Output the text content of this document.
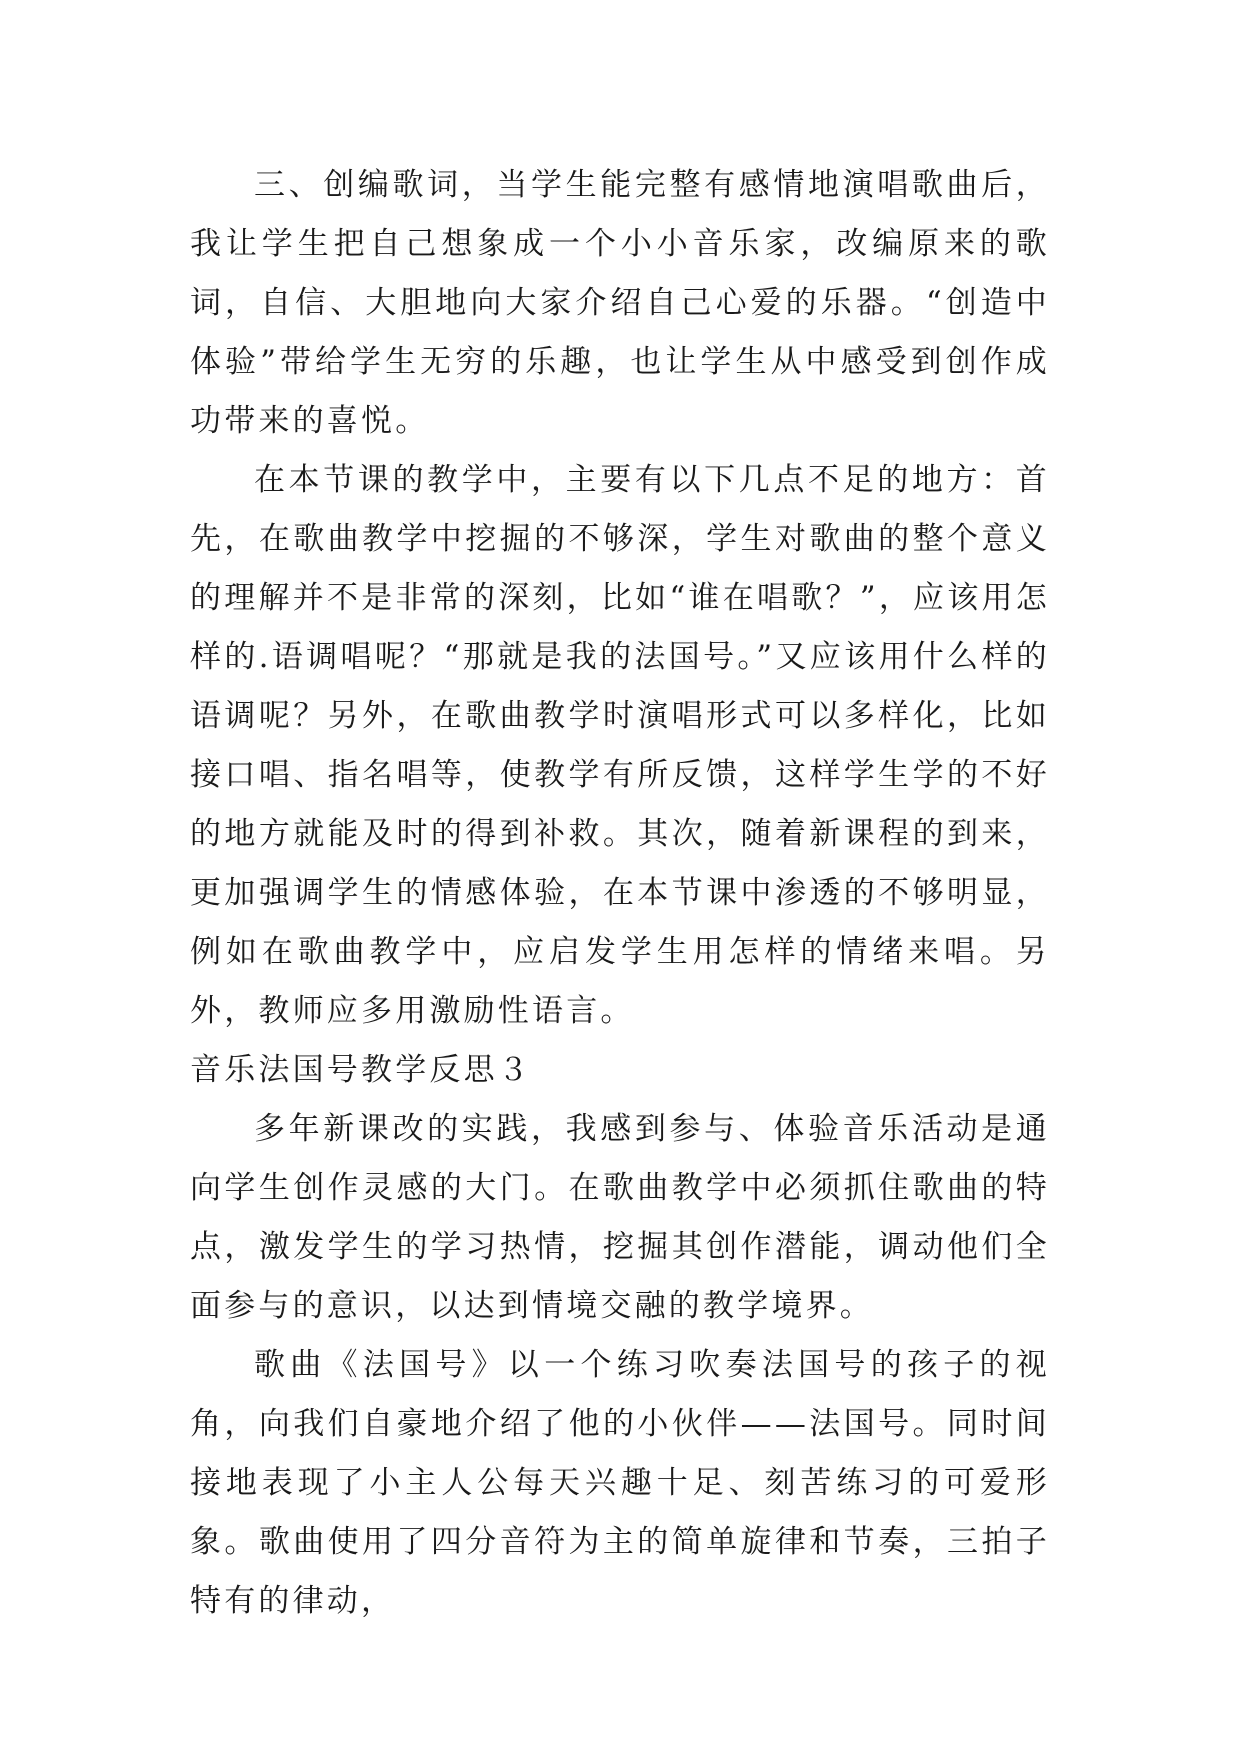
三、创编歌词，当学生能完整有感情地演唱歌曲后，我让学生把自己想象成一个小小音乐家，改编原来的歌词，自信、大胆地向大家介绍自己心爱的乐器。“创造中体验”带给学生无穷的乐趣，也让学生从中感受到创作成功带来的喜悦。

在本节课的教学中，主要有以下几点不足的地方：首先，在歌曲教学中挖掘的不够深，学生对歌曲的整个意义的理解并不是非常的深刻，比如“谁在唱歌？”，应该用怎样的.语调唱呢？“那就是我的法国号。”又应该用什么样的语调呢？另外，在歌曲教学时演唱形式可以多样化，比如接口唱、指名唱等，使教学有所反馈，这样学生学的不好的地方就能及时的得到补救。其次，随着新课程的到来，更加强调学生的情感体验，在本节课中渗透的不够明显，例如在歌曲教学中，应启发学生用怎样的情绪来唱。另外，教师应多用激励性语言。

音乐法国号教学反思３

多年新课改的实践，我感到参与、体验音乐活动是通向学生创作灵感的大门。在歌曲教学中必须抓住歌曲的特点，激发学生的学习热情，挖掘其创作潜能，调动他们全面参与的意识，以达到情境交融的教学境界。

歌曲《法国号》以一个练习吹奏法国号的孩子的视角，向我们自豪地介绍了他的小伙伴——法国号。同时间接地表现了小主人公每天兴趣十足、刻苦练习的可爱形象。歌曲使用了四分音符为主的简单旋律和节奏，三拍子特有的律动，
